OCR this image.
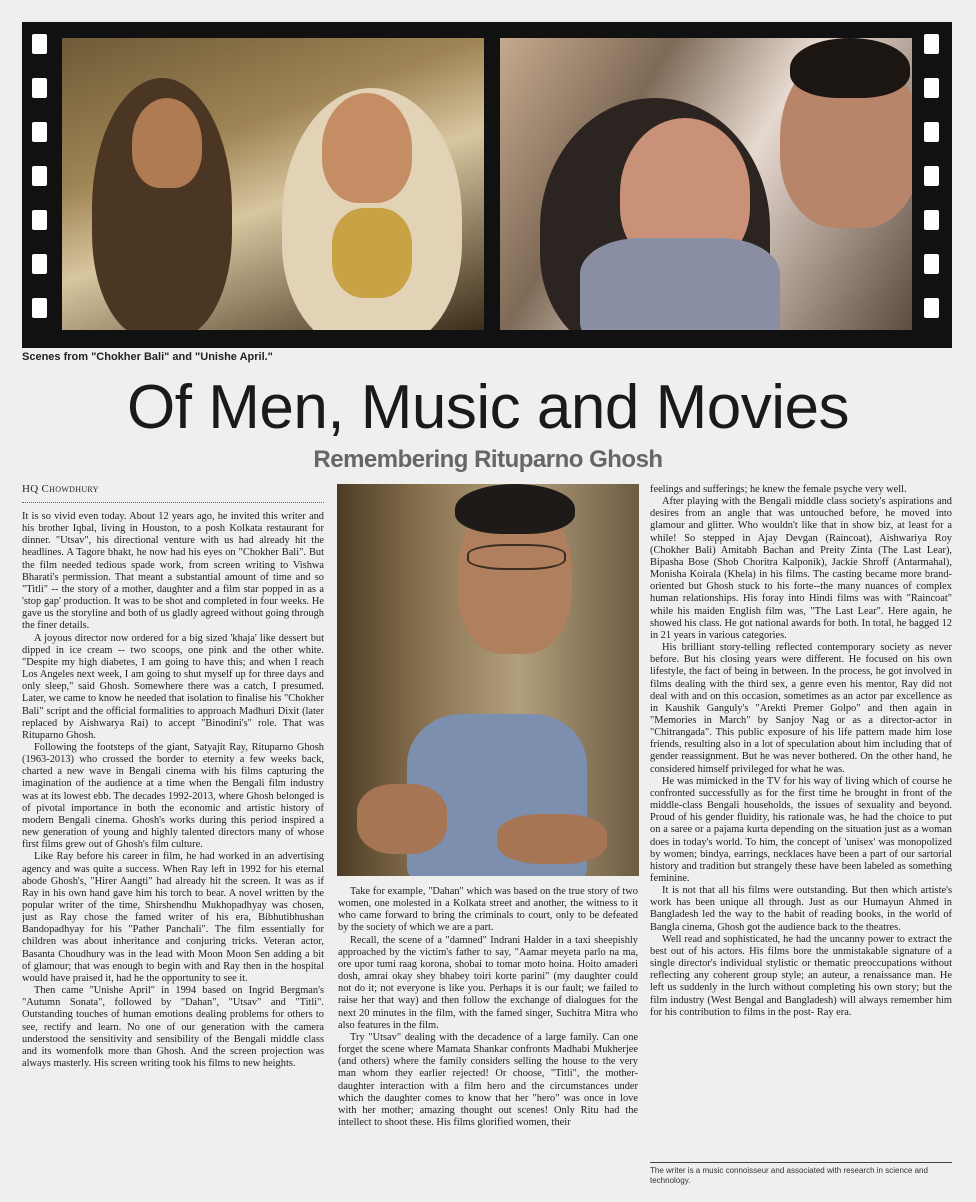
Scenes from "Chokher Bali" and "Unishe April."
Of Men, Music and Movies
Remembering Rituparno Ghosh
HQ Chowdhury

It is so vivid even today. About 12 years ago, he invited this writer and his brother Iqbal, living in Houston, to a posh Kolkata restaurant for dinner. "Utsav", his directional venture with us had already hit the headlines. A Tagore bhakt, he now had his eyes on "Chokher Bali". But the film needed tedious spade work, from screen writing to Vishwa Bharati's permission. That meant a substantial amount of time and so "Titli" -- the story of a mother, daughter and a film star popped in as a 'stop gap' production. It was to be shot and completed in four weeks. He gave us the storyline and both of us gladly agreed without going through the finer details.

A joyous director now ordered for a big sized 'khaja' like dessert but dipped in ice cream -- two scoops, one pink and the other white. "Despite my high diabetes, I am going to have this; and when I reach Los Angeles next week, I am going to shut myself up for three days and only sleep," said Ghosh. Somewhere there was a catch, I presumed. Later, we came to know he needed that isolation to finalise his "Chokher Bali" script and the official formalities to approach Madhuri Dixit (later replaced by Aishwarya Rai) to accept "Binodini's" role. That was Rituparno Ghosh.

Following the footsteps of the giant, Satyajit Ray, Rituparno Ghosh (1963-2013) who crossed the border to eternity a few weeks back, charted a new wave in Bengali cinema with his films capturing the imagination of the audience at a time when the Bengali film industry was at its lowest ebb. The decades 1992-2013, where Ghosh belonged is of pivotal importance in both the economic and artistic history of modern Bengali cinema. Ghosh's works during this period inspired a new generation of young and highly talented directors many of whose first films grew out of Ghosh's film culture.

Like Ray before his career in film, he had worked in an advertising agency and was quite a success. When Ray left in 1992 for his eternal abode Ghosh's, "Hirer Aangti" had already hit the screen. It was as if Ray in his own hand gave him his torch to bear. A novel written by the popular writer of the time, Shirshendhu Mukhopadhyay was chosen, just as Ray chose the famed writer of his era, Bibhutibhushan Bandopadhyay for his "Pather Panchali". The film essentially for children was about inheritance and conjuring tricks. Veteran actor, Basanta Choudhury was in the lead with Moon Moon Sen adding a bit of glamour; that was enough to begin with and Ray then in the hospital would have praised it, had he the opportunity to see it.

Then came "Unishe April" in 1994 based on Ingrid Bergman's "Autumn Sonata", followed by "Dahan", "Utsav" and "Titli". Outstanding touches of human emotions dealing problems for others to see, rectify and learn. No one of our generation with the camera understood the sensitivity and sensibility of the Bengali middle class and its womenfolk more than Ghosh. And the screen projection was always masterly. His screen writing took his films to new heights.

Take for example, "Dahan" which was based on the true story of two women, one molested in a Kolkata street and another, the witness to it who came forward to bring the criminals to court, only to be defeated by the society of which we are a part.

Recall, the scene of a "damned" Indrani Halder in a taxi sheepishly approached by the victim's father to say, "Aamar meyeta parlo na ma, ore upor tumi raag korona, shobai to tomar moto hoina. Hoito amaderi dosh, amrai okay shey bhabey toiri korte parini" (my daughter could not do it; not everyone is like you. Perhaps it is our fault; we failed to raise her that way) and then follow the exchange of dialogues for the next 20 minutes in the film, with the famed singer, Suchitra Mitra who also features in the film.

Try "Utsav" dealing with the decadence of a large family. Can one forget the scene where Mamata Shankar confronts Madhabi Mukherjee (and others) where the family considers selling the house to the very man whom they earlier rejected! Or choose, "Titli", the mother-daughter interaction with a film hero and the circumstances under which the daughter comes to know that her "hero" was once in love with her mother; amazing thought out scenes! Only Ritu had the intellect to shoot these. His films glorified women, their

feelings and sufferings; he knew the female psyche very well.

After playing with the Bengali middle class society's aspirations and desires from an angle that was untouched before, he moved into glamour and glitter. Who wouldn't like that in show biz, at least for a while! So stepped in Ajay Devgan (Raincoat), Aishwariya Roy (Chokher Bali) Amitabh Bachan and Preity Zinta (The Last Lear), Bipasha Bose (Shob Choritra Kalponik), Jackie Shroff (Antarmahal), Monisha Koirala (Khela) in his films. The casting became more brand- oriented but Ghosh stuck to his forte--the many nuances of complex human relationships. His foray into Hindi films was with "Raincoat" while his maiden English film was, "The Last Lear". Here again, he showed his class. He got national awards for both. In total, he bagged 12 in 21 years in various categories.

His brilliant story-telling reflected contemporary society as never before. But his closing years were different. He focused on his own lifestyle, the fact of being in between. In the process, he got involved in films dealing with the third sex, a genre even his mentor, Ray did not deal with and on this occasion, sometimes as an actor par excellence as in Kaushik Ganguly's "Arekti Premer Golpo" and then again in "Memories in March" by Sanjoy Nag or as a director-actor in "Chitrangada". This public exposure of his life pattern made him lose friends, resulting also in a lot of speculation about him including that of gender reassignment. But he was never bothered. On the other hand, he considered himself privileged for what he was.

He was mimicked in the TV for his way of living which of course he confronted successfully as for the first time he brought in front of the middle-class Bengali households, the issues of sexuality and beyond. Proud of his gender fluidity, his rationale was, he had the choice to put on a saree or a pajama kurta depending on the situation just as a woman does in today's world. To him, the concept of 'unisex' was monopolized by women; bindya, earrings, necklaces have been a part of our sartorial history and tradition but strangely these have been labeled as something feminine.

It is not that all his films were outstanding. But then which artiste's work has been unique all through. Just as our Humayun Ahmed in Bangladesh led the way to the habit of reading books, in the world of Bangla cinema, Ghosh got the audience back to the theatres.

Well read and sophisticated, he had the uncanny power to extract the best out of his actors. His films bore the unmistakable signature of a single director's individual stylistic or thematic preoccupations without reflecting any coherent group style; an auteur, a renaissance man. He left us suddenly in the lurch without completing his own story; but the film industry (West Bengal and Bangladesh) will always remember him for his contribution to films in the post- Ray era.

The writer is a music connoisseur and associated with research in science and technology.
